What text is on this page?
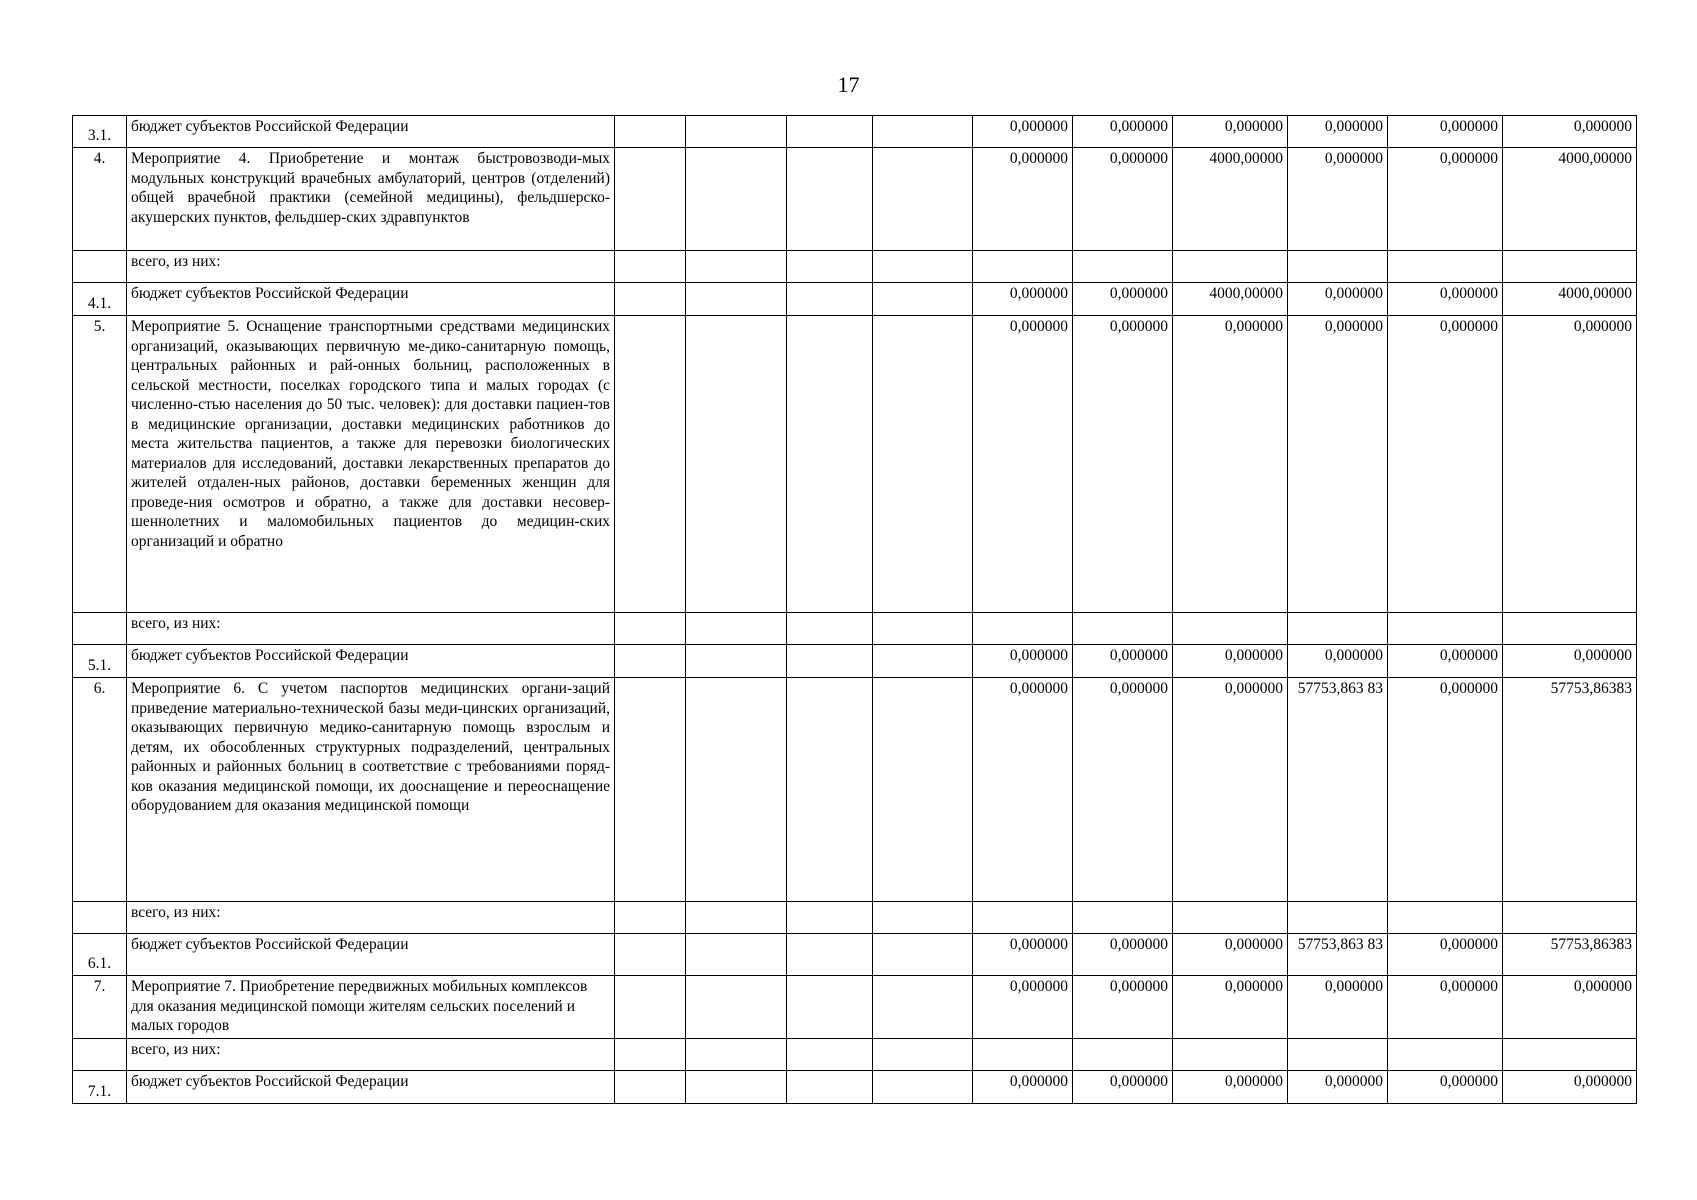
17
3.1.	бюджет субъектов Российской Федерации					0,000000	0,000000	0,000000	0,000000	0,000000	0,000000
4.	Мероприятие 4. Приобретение и монтаж быстровозводи-мых модульных конструкций врачебных амбулаторий, центров (отделений) общей врачебной практики (семейной медицины), фельдшерско-акушерских пунктов, фельдшер-ских здравпунктов					0,000000	0,000000	4000,00000	0,000000	0,000000	4000,00000
	всего, из них:										
4.1.	бюджет субъектов Российской Федерации					0,000000	0,000000	4000,00000	0,000000	0,000000	4000,00000
5.	Мероприятие 5. Оснащение транспортными средствами медицинских организаций, оказывающих первичную ме-дико-санитарную помощь, центральных районных и рай-онных больниц, расположенных в сельской местности, поселках городского типа и малых городах (с численно-стью населения до 50 тыс. человек): для доставки пациен-тов в медицинские организации, доставки медицинских работников до места жительства пациентов, а также для перевозки биологических материалов для исследований, доставки лекарственных препаратов до жителей отдален-ных районов, доставки беременных женщин для проведе-ния осмотров и обратно, а также для доставки несовер-шеннолетних и маломобильных пациентов до медицин-ских организаций и обратно					0,000000	0,000000	0,000000	0,000000	0,000000	0,000000
	всего, из них:										
5.1.	бюджет субъектов Российской Федерации					0,000000	0,000000	0,000000	0,000000	0,000000	0,000000
6.	Мероприятие 6. С учетом паспортов медицинских органи-заций приведение материально-технической базы меди-цинских организаций, оказывающих первичную медико-санитарную помощь взрослым и детям, их обособленных структурных подразделений, центральных районных и районных больниц в соответствие с требованиями поряд-ков оказания медицинской помощи, их дооснащение и переоснащение оборудованием для оказания медицинской помощи					0,000000	0,000000	0,000000	57753,863 83	0,000000	57753,86383
	всего, из них:										
6.1.	бюджет субъектов Российской Федерации					0,000000	0,000000	0,000000	57753,863 83	0,000000	57753,86383
7.	Мероприятие 7. Приобретение передвижных мобильных комплексов для оказания медицинской помощи жителям сельских поселений и малых городов					0,000000	0,000000	0,000000	0,000000	0,000000	0,000000
	всего, из них:										
7.1.	бюджет субъектов Российской Федерации					0,000000	0,000000	0,000000	0,000000	0,000000	0,000000
